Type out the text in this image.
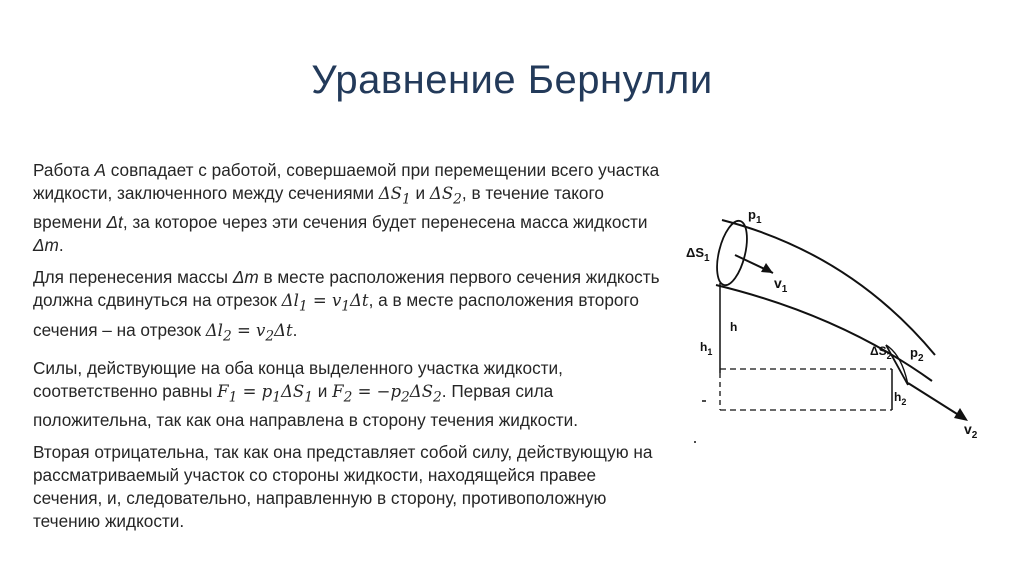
Уравнение Бернулли

Работа A совпадает с работой, совершаемой при перемещении всего участка жидкости, заключенного между сечениями $\Delta S_1$ и $\Delta S_2$, в течение такого времени Δt, за которое через эти сечения будет перенесена масса жидкости Δm.

Для перенесения массы Δm в месте расположения первого сечения жидкость должна сдвинуться на отрезок $\Delta l_1 = v_1\Delta t$, а в месте расположения второго сечения – на отрезок $\Delta l_2 = v_2\Delta t$.

Силы, действующие на оба конца выделенного участка жидкости, соответственно равны $F_1 = p_1\Delta S_1$ и $F_2 = -p_2\Delta S_2$. Первая сила положительна, так как она направлена в сторону течения жидкости.

Вторая отрицательна, так как она представляет собой силу, действующую на рассматриваемый участок со стороны жидкости, находящейся правее сечения, и, следовательно, направленную в сторону, противоположную течению жидкости.

$p_1$
$\Delta S_1$
$v_1$
h
$h_1$	$\Delta S_2$ $p_2$
$h_2$
$v_2$
